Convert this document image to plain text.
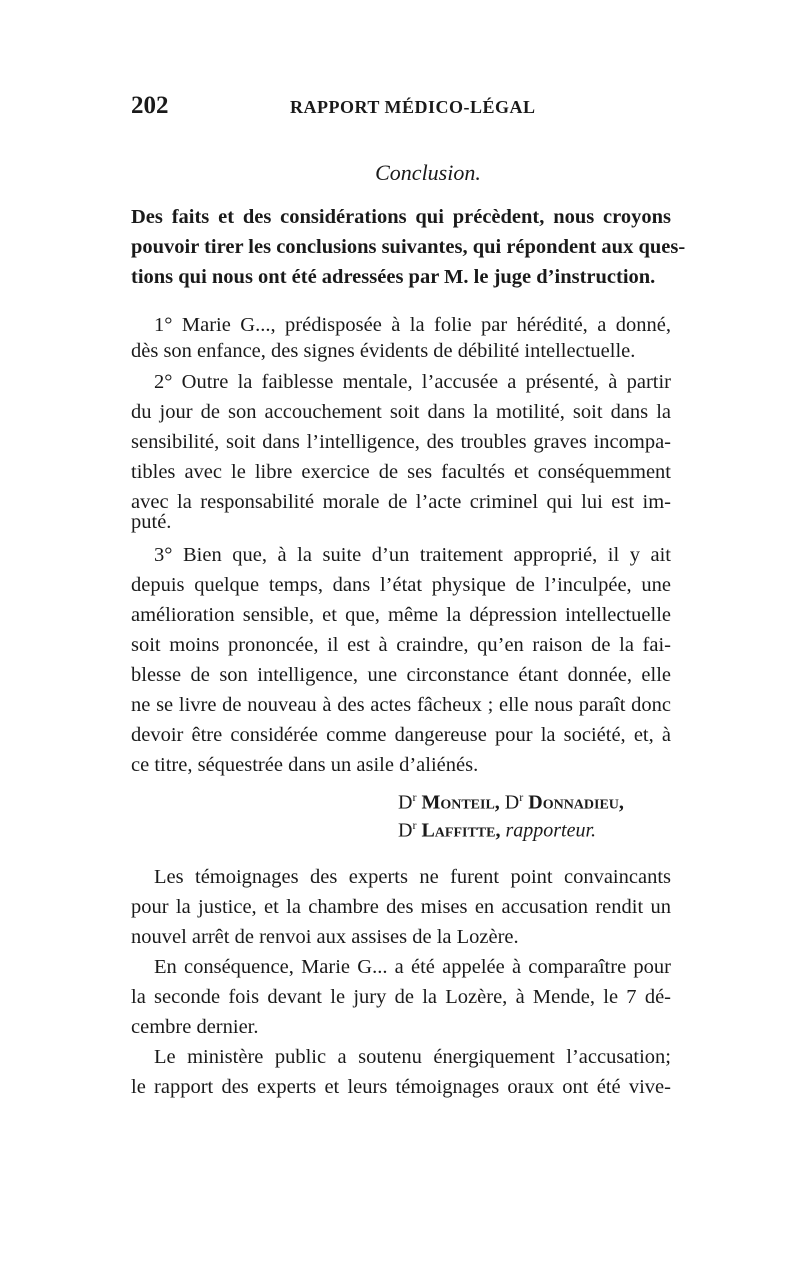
202	RAPPORT MÉDICO-LÉGAL
Conclusion.
Des faits et des considérations qui précèdent, nous croyons
pouvoir tirer les conclusions suivantes, qui répondent aux ques-
tions qui nous ont été adressées par M. le juge d’instruction.
1° Marie G..., prédisposée à la folie par hérédité, a donné,
dès son enfance, des signes évidents de débilité intellectuelle.
2° Outre la faiblesse mentale, l’accusée a présenté, à partir
du jour de son accouchement soit dans la motilité, soit dans la
sensibilité, soit dans l’intelligence, des troubles graves incompa-
tibles avec le libre exercice de ses facultés et conséquemment
avec la responsabilité morale de l’acte criminel qui lui est im-
puté.
3° Bien que, à la suite d’un traitement approprié, il y ait
depuis quelque temps, dans l’état physique de l’inculpée, une
amélioration sensible, et que, même la dépression intellectuelle
soit moins prononcée, il est à craindre, qu’en raison de la fai-
blesse de son intelligence, une circonstance étant donnée, elle
ne se livre de nouveau à des actes fâcheux ; elle nous paraît donc
devoir être considérée comme dangereuse pour la société, et, à
ce titre, séquestrée dans un asile d’aliénés.
$D^r$ Monteil, $D^r$ Donnadieu,
$D^r$ Laffitte, rapporteur.
Les témoignages des experts ne furent point convaincants
pour la justice, et la chambre des mises en accusation rendit un
nouvel arrêt de renvoi aux assises de la Lozère.
En conséquence, Marie G... a été appelée à comparaître pour
la seconde fois devant le jury de la Lozère, à Mende, le 7 dé-
cembre dernier.
Le ministère public a soutenu énergiquement l’accusation;
le rapport des experts et leurs témoignages oraux ont été vive-
